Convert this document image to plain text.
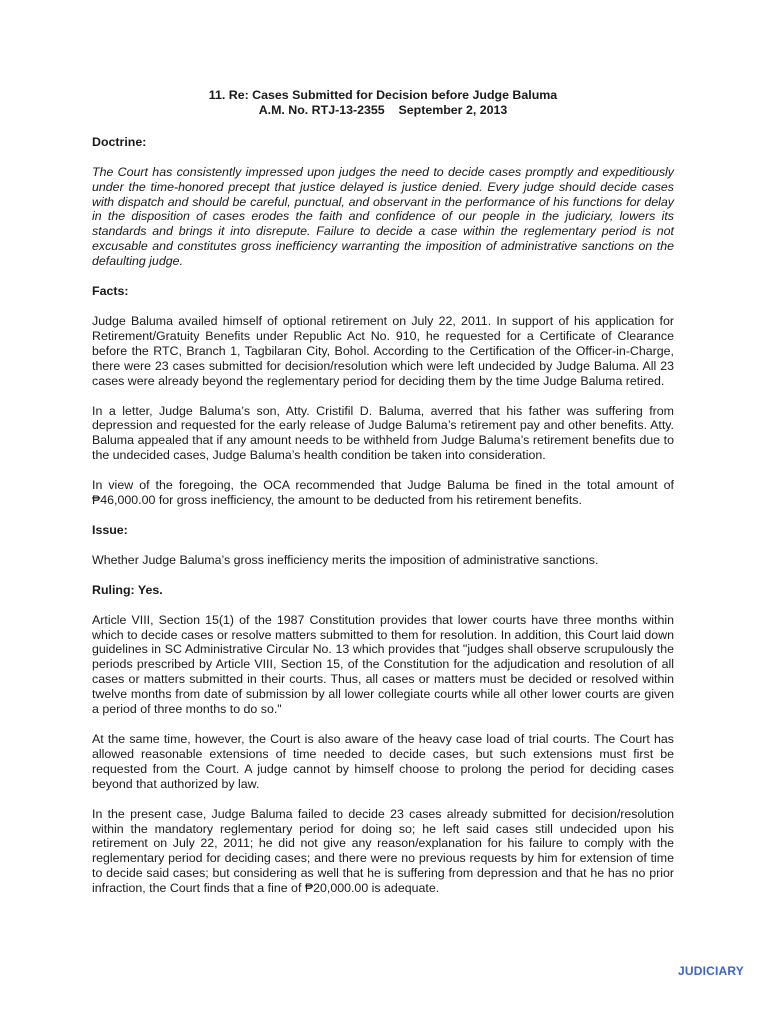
11. Re: Cases Submitted for Decision before Judge Baluma
A.M. No. RTJ-13-2355    September 2, 2013
Doctrine:

The Court has consistently impressed upon judges the need to decide cases promptly and expeditiously under the time-honored precept that justice delayed is justice denied. Every judge should decide cases with dispatch and should be careful, punctual, and observant in the performance of his functions for delay in the disposition of cases erodes the faith and confidence of our people in the judiciary, lowers its standards and brings it into disrepute. Failure to decide a case within the reglementary period is not excusable and constitutes gross inefficiency warranting the imposition of administrative sanctions on the defaulting judge.

Facts:

Judge Baluma availed himself of optional retirement on July 22, 2011. In support of his application for Retirement/Gratuity Benefits under Republic Act No. 910, he requested for a Certificate of Clearance before the RTC, Branch 1, Tagbilaran City, Bohol. According to the Certification of the Officer-in-Charge, there were 23 cases submitted for decision/resolution which were left undecided by Judge Baluma. All 23 cases were already beyond the reglementary period for deciding them by the time Judge Baluma retired.

In a letter, Judge Baluma’s son, Atty. Cristifil D. Baluma, averred that his father was suffering from depression and requested for the early release of Judge Baluma’s retirement pay and other benefits. Atty. Baluma appealed that if any amount needs to be withheld from Judge Baluma’s retirement benefits due to the undecided cases, Judge Baluma’s health condition be taken into consideration.

In view of the foregoing, the OCA recommended that Judge Baluma be fined in the total amount of ₱46,000.00 for gross inefficiency, the amount to be deducted from his retirement benefits.

Issue:

Whether Judge Baluma’s gross inefficiency merits the imposition of administrative sanctions.

Ruling: Yes.

Article VIII, Section 15(1) of the 1987 Constitution provides that lower courts have three months within which to decide cases or resolve matters submitted to them for resolution. In addition, this Court laid down guidelines in SC Administrative Circular No. 13 which provides that "judges shall observe scrupulously the periods prescribed by Article VIII, Section 15, of the Constitution for the adjudication and resolution of all cases or matters submitted in their courts. Thus, all cases or matters must be decided or resolved within twelve months from date of submission by all lower collegiate courts while all other lower courts are given a period of three months to do so."

At the same time, however, the Court is also aware of the heavy case load of trial courts. The Court has allowed reasonable extensions of time needed to decide cases, but such extensions must first be requested from the Court. A judge cannot by himself choose to prolong the period for deciding cases beyond that authorized by law.

In the present case, Judge Baluma failed to decide 23 cases already submitted for decision/resolution within the mandatory reglementary period for doing so; he left said cases still undecided upon his retirement on July 22, 2011; he did not give any reason/explanation for his failure to comply with the reglementary period for deciding cases; and there were no previous requests by him for extension of time to decide said cases; but considering as well that he is suffering from depression and that he has no prior infraction, the Court finds that a fine of ₱20,000.00 is adequate.

JUDICIARY
